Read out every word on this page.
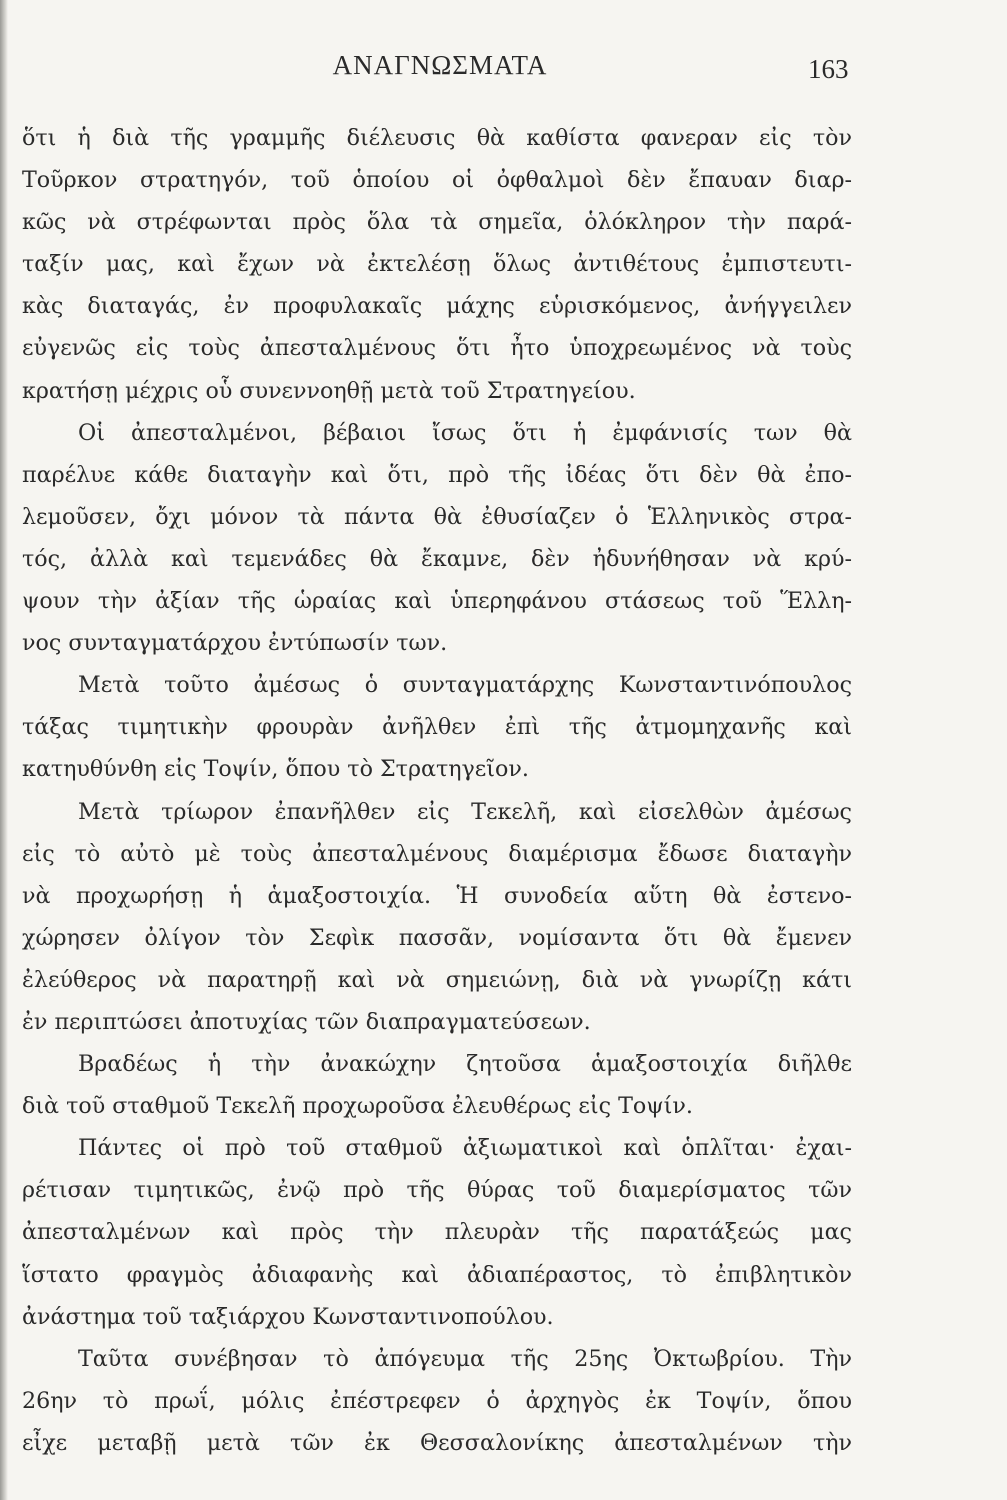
ΑΝΑΓΝΩΣΜΑΤΑ	163
ὅτι ἡ διὰ τῆς γραμμῆς διέλευσις θὰ καθίστα φανεραν εἰς τὸν
Τοῦρκον στρατηγόν, τοῦ ὁποίου οἱ ὀφθαλμοὶ δὲν ἔπαυαν διαρ-
κῶς νὰ στρέφωνται πρὸς ὅλα τὰ σημεῖα, ὁλόκληρον τὴν παρά-
ταξίν μας, καὶ ἔχων νὰ ἐκτελέσῃ ὅλως ἀντιθέτους ἐμπιστευτι-
κὰς διαταγάς, ἐν προφυλακαῖς μάχης εὑρισκόμενος, ἀνήγγειλεν
εὐγενῶς εἰς τοὺς ἀπεσταλμένους ὅτι ἦτο ὑποχρεωμένος νὰ τοὺς
κρατήσῃ μέχρις οὗ συνεννοηθῇ μετὰ τοῦ Στρατηγείου.
Οἱ ἀπεσταλμένοι, βέβαιοι ἴσως ὅτι ἡ ἐμφάνισίς των θὰ
παρέλυε κάθε διαταγὴν καὶ ὅτι, πρὸ τῆς ἰδέας ὅτι δὲν θὰ ἐπο-
λεμοῦσεν, ὄχι μόνον τὰ πάντα θὰ ἐθυσίαζεν ὁ Ἑλληνικὸς στρα-
τός, ἀλλὰ καὶ τεμενάδες θὰ ἔκαμνε, δὲν ἠδυνήθησαν νὰ κρύ-
ψουν τὴν ἀξίαν τῆς ὡραίας καὶ ὑπερηφάνου στάσεως τοῦ Ἕλλη-
νος συνταγματάρχου ἐντύπωσίν των.
Μετὰ τοῦτο ἀμέσως ὁ συνταγματάρχης Κωνσταντινόπουλος
τάξας τιμητικὴν φρουρὰν ἀνῆλθεν ἐπὶ τῆς ἀτμομηχανῆς καὶ
κατηυθύνθη εἰς Τοψίν, ὅπου τὸ Στρατηγεῖον.
Μετὰ τρίωρον ἐπανῆλθεν εἰς Τεκελῆ, καὶ εἰσελθὼν ἀμέσως
εἰς τὸ αὐτὸ μὲ τοὺς ἀπεσταλμένους διαμέρισμα ἔδωσε διαταγὴν
νὰ προχωρήσῃ ἡ ἁμαξοστοιχία. Ἡ συνοδεία αὕτη θὰ ἐστενο-
χώρησεν ὀλίγον τὸν Σεφὶκ πασσᾶν, νομίσαντα ὅτι θὰ ἔμενεν
ἐλεύθερος νὰ παρατηρῇ καὶ νὰ σημειώνῃ, διὰ νὰ γνωρίζῃ κάτι
ἐν περιπτώσει ἀποτυχίας τῶν διαπραγματεύσεων.
Βραδέως ἡ τὴν ἀνακώχην ζητοῦσα ἁμαξοστοιχία διῆλθε
διὰ τοῦ σταθμοῦ Τεκελῆ προχωροῦσα ἐλευθέρως εἰς Τοψίν.
Πάντες οἱ πρὸ τοῦ σταθμοῦ ἀξιωματικοὶ καὶ ὁπλῖται· ἐχαι-
ρέτισαν τιμητικῶς, ἐνῷ πρὸ τῆς θύρας τοῦ διαμερίσματος τῶν
ἀπεσταλμένων καὶ πρὸς τὴν πλευρὰν τῆς παρατάξεώς μας
ἵστατο φραγμὸς ἀδιαφανὴς καὶ ἀδιαπέραστος, τὸ ἐπιβλητικὸν
ἀνάστημα τοῦ ταξιάρχου Κωνσταντινοπούλου.
Ταῦτα συνέβησαν τὸ ἀπόγευμα τῆς 25ης Ὀκτωβρίου. Τὴν
26ην τὸ πρωΐ, μόλις ἐπέστρεφεν ὁ ἀρχηγὸς ἐκ Τοψίν, ὅπου
εἶχε μεταβῇ μετὰ τῶν ἐκ Θεσσαλονίκης ἀπεσταλμένων τὴν
